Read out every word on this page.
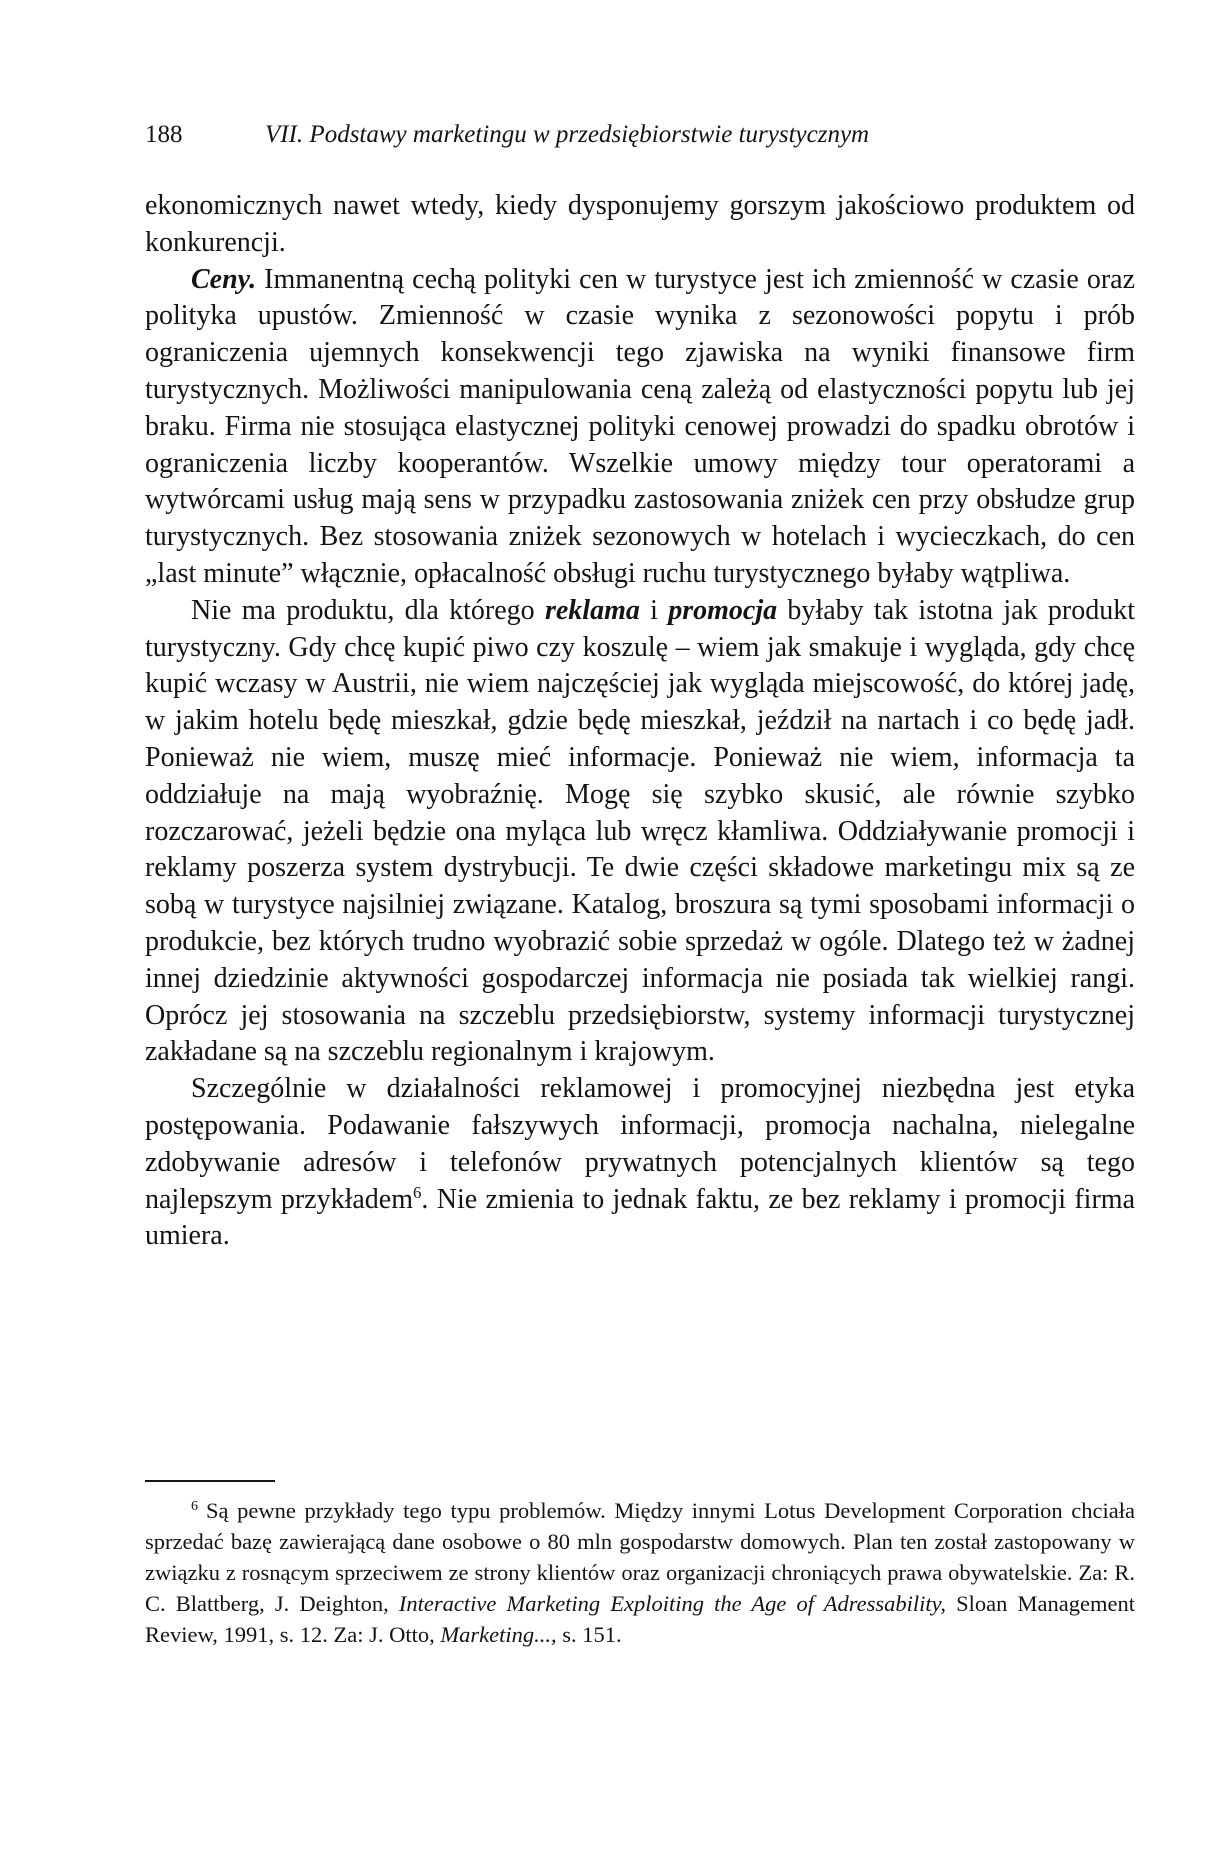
188	VII. Podstawy marketingu w przedsiębiorstwie turystycznym

ekonomicznych nawet wtedy, kiedy dysponujemy gorszym jakościowo produktem od konkurencji.

Ceny. Immanentną cechą polityki cen w turystyce jest ich zmienność w czasie oraz polityka upustów. Zmienność w czasie wynika z sezonowości popytu i prób ograniczenia ujemnych konsekwencji tego zjawiska na wyniki finansowe firm turystycznych. Możliwości manipulowania ceną zależą od elastyczności popytu lub jej braku. Firma nie stosująca elastycznej polityki cenowej prowadzi do spadku obrotów i ograniczenia liczby kooperantów. Wszelkie umowy między tour operatorami a wytwórcami usług mają sens w przypadku zastosowania zniżek cen przy obsłudze grup turystycznych. Bez stosowania zniżek sezonowych w hotelach i wycieczkach, do cen „last minute” włącznie, opłacalność obsługi ruchu turystycznego byłaby wątpliwa.

Nie ma produktu, dla którego reklama i promocja byłaby tak istotna jak produkt turystyczny. Gdy chcę kupić piwo czy koszulę – wiem jak smakuje i wygląda, gdy chcę kupić wczasy w Austrii, nie wiem najczęściej jak wygląda miejscowość, do której jadę, w jakim hotelu będę mieszkał, gdzie będę mieszkał, jeździł na nartach i co będę jadł. Ponieważ nie wiem, muszę mieć informacje. Ponieważ nie wiem, informacja ta oddziałuje na mają wyobraźnię. Mogę się szybko skusić, ale równie szybko rozczarować, jeżeli będzie ona myląca lub wręcz kłamliwa. Oddziaływanie promocji i reklamy poszerza system dystrybucji. Te dwie części składowe marketingu mix są ze sobą w turystyce najsilniej związane. Katalog, broszura są tymi sposobami informacji o produkcie, bez których trudno wyobrazić sobie sprzedaż w ogóle. Dlatego też w żadnej innej dziedzinie aktywności gospodarczej informacja nie posiada tak wielkiej rangi. Oprócz jej stosowania na szczeblu przedsiębiorstw, systemy informacji turystycznej zakładane są na szczeblu regionalnym i krajowym.

Szczególnie w działalności reklamowej i promocyjnej niezbędna jest etyka postępowania. Podawanie fałszywych informacji, promocja nachalna, nielegalne zdobywanie adresów i telefonów prywatnych potencjalnych klientów są tego najlepszym przykładem$^6$. Nie zmienia to jednak faktu, ze bez reklamy i promocji firma umiera.

$^6$ Są pewne przykłady tego typu problemów. Między innymi Lotus Development Corporation chciała sprzedać bazę zawierającą dane osobowe o 80 mln gospodarstw domowych. Plan ten został zastopowany w związku z rosnącym sprzeciwem ze strony klientów oraz organizacji chroniących prawa obywatelskie. Za: R. C. Blattberg, J. Deighton, Interactive Marketing Exploiting the Age of Adressability, Sloan Management Review, 1991, s. 12. Za: J. Otto, Marketing..., s. 151.
